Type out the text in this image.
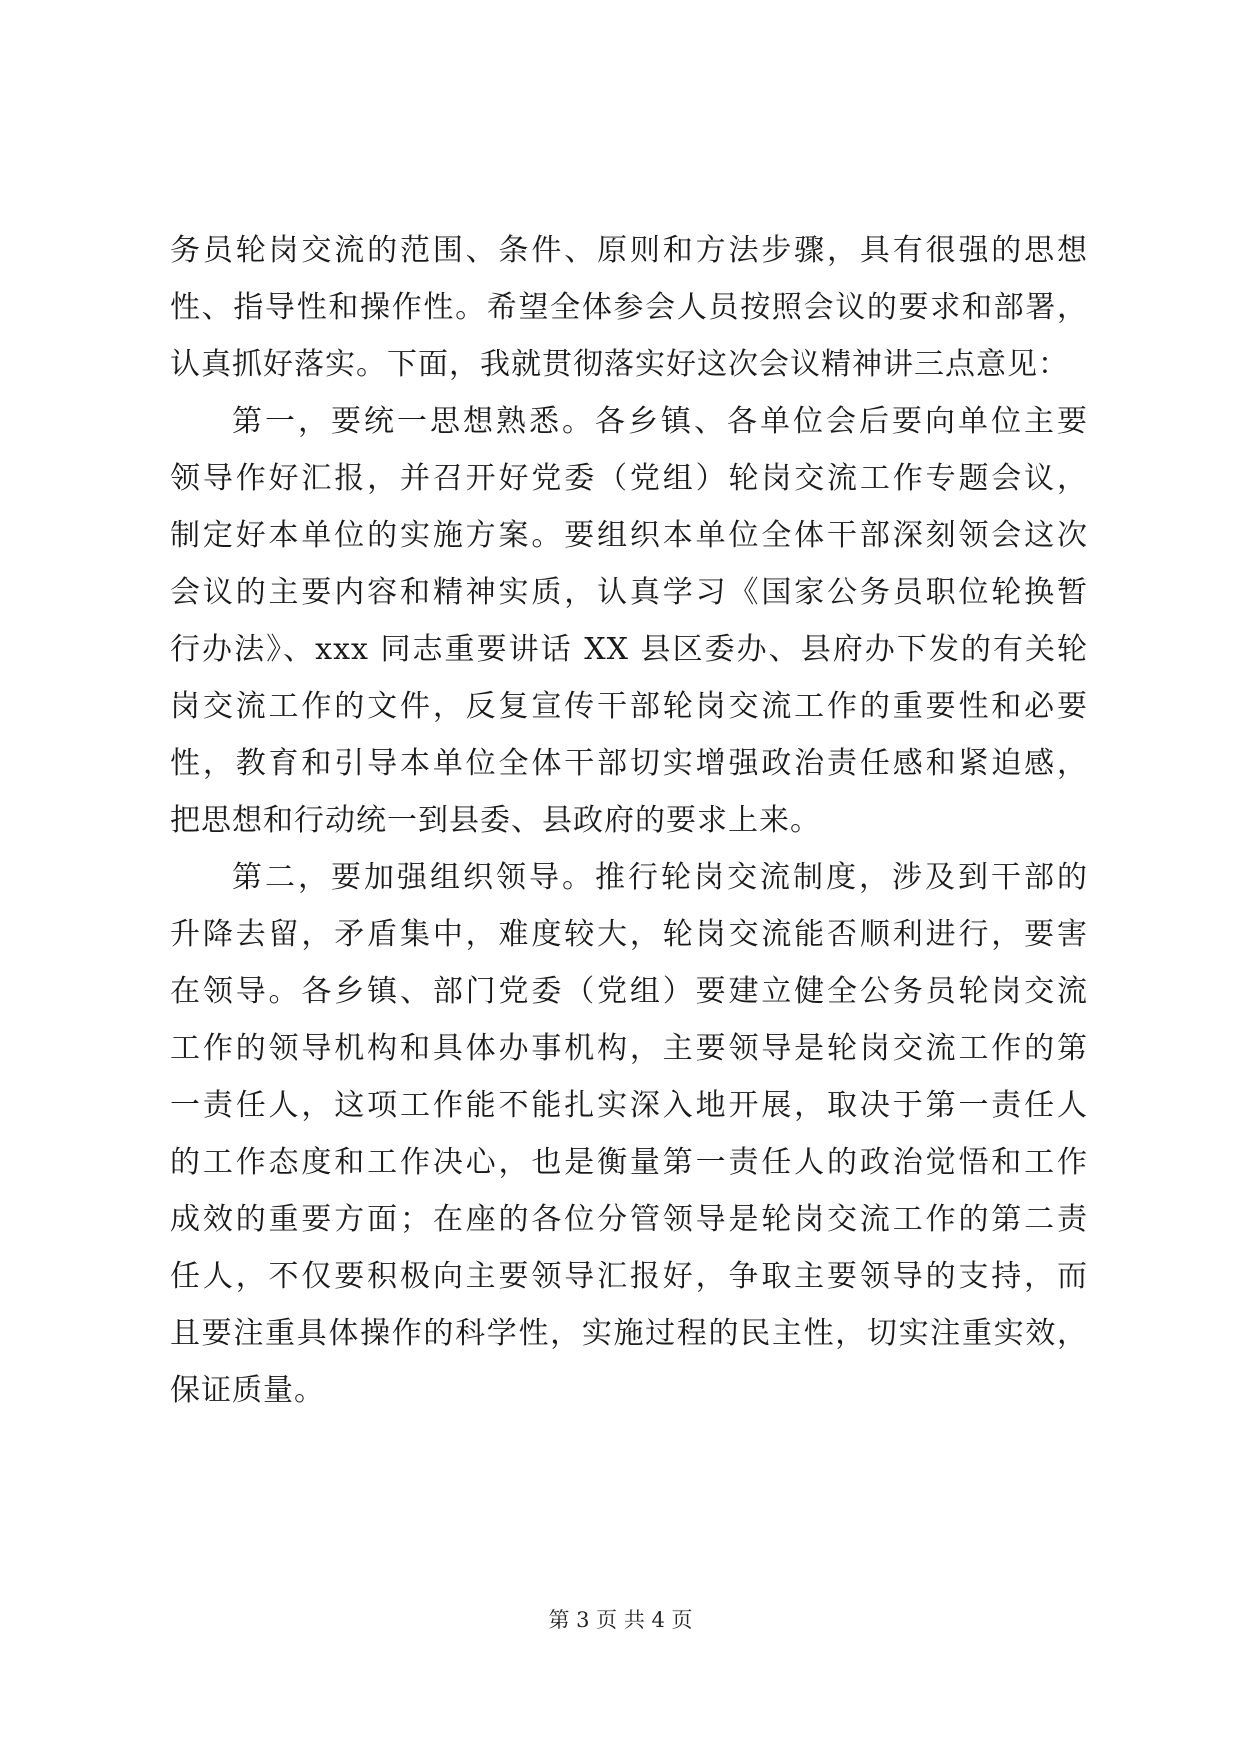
务员轮岗交流的范围、条件、原则和方法步骤，具有很强的思想
性、指导性和操作性。希望全体参会人员按照会议的要求和部署，
认真抓好落实。下面，我就贯彻落实好这次会议精神讲三点意见：
第一，要统一思想熟悉。各乡镇、各单位会后要向单位主要
领导作好汇报，并召开好党委（党组）轮岗交流工作专题会议，
制定好本单位的实施方案。要组织本单位全体干部深刻领会这次
会议的主要内容和精神实质，认真学习《国家公务员职位轮换暂
行办法》、xxx 同志重要讲话 XX 县区委办、县府办下发的有关轮
岗交流工作的文件，反复宣传干部轮岗交流工作的重要性和必要
性，教育和引导本单位全体干部切实增强政治责任感和紧迫感，
把思想和行动统一到县委、县政府的要求上来。
第二，要加强组织领导。推行轮岗交流制度，涉及到干部的
升降去留，矛盾集中，难度较大，轮岗交流能否顺利进行，要害
在领导。各乡镇、部门党委（党组）要建立健全公务员轮岗交流
工作的领导机构和具体办事机构，主要领导是轮岗交流工作的第
一责任人，这项工作能不能扎实深入地开展，取决于第一责任人
的工作态度和工作决心，也是衡量第一责任人的政治觉悟和工作
成效的重要方面；在座的各位分管领导是轮岗交流工作的第二责
任人，不仅要积极向主要领导汇报好，争取主要领导的支持，而
且要注重具体操作的科学性，实施过程的民主性，切实注重实效，
保证质量。
第 3 页 共 4 页
